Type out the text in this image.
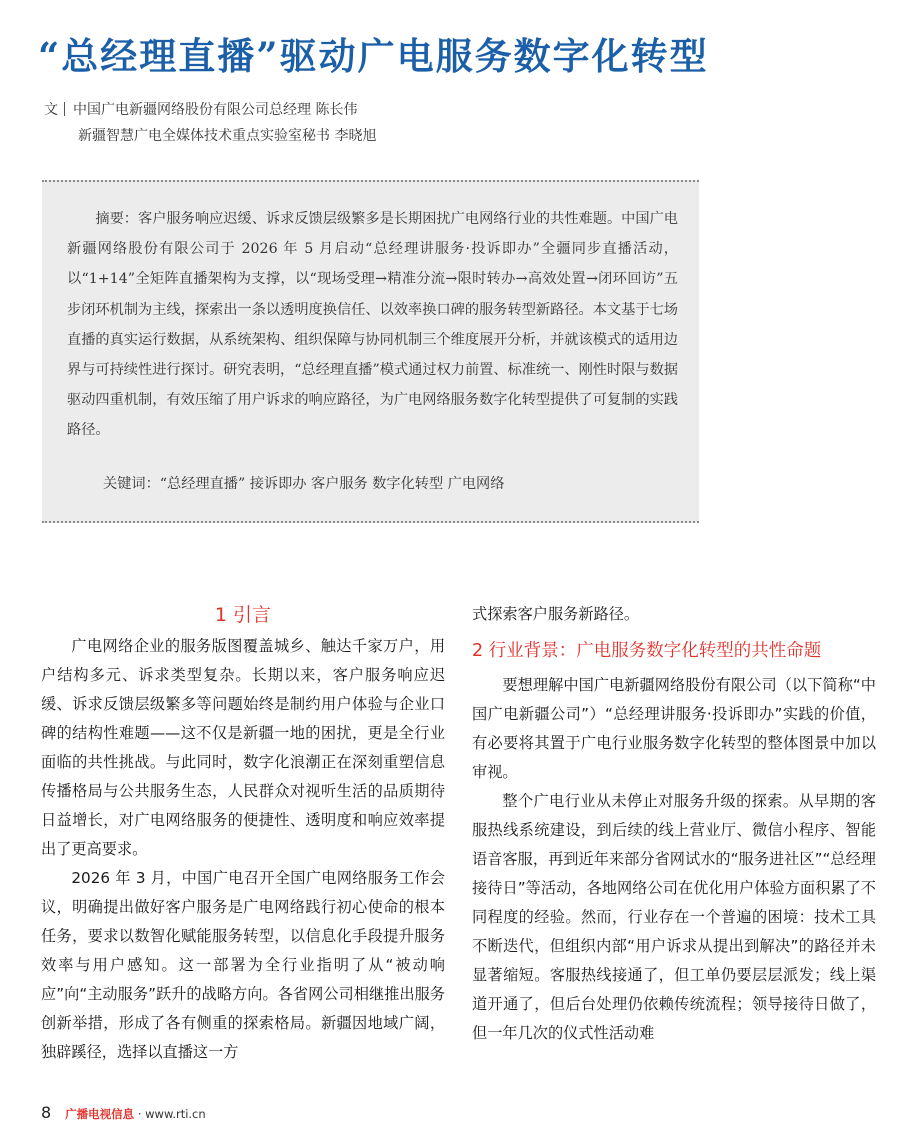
“总经理直播”驱动广电服务数字化转型
文 中国广电新疆网络股份有限公司总经理 陈长伟
新疆智慧广电全媒体技术重点实验室秘书 李晓旭

摘要：客户服务响应迟缓、诉求反馈层级繁多是长期困扰广电网络行业的共性难题。中国广电新疆网络股份有限公司于 2026 年 5 月启动“总经理讲服务·投诉即办”全疆同步直播活动，以“1+14”全矩阵直播架构为支撑，以“现场受理→精准分流→限时转办→高效处置→闭环回访”五步闭环机制为主线，探索出一条以透明度换信任、以效率换口碑的服务转型新路径。本文基于七场直播的真实运行数据，从系统架构、组织保障与协同机制三个维度展开分析，并就该模式的适用边界与可持续性进行探讨。研究表明，“总经理直播”模式通过权力前置、标准统一、刚性时限与数据驱动四重机制，有效压缩了用户诉求的响应路径，为广电网络服务数字化转型提供了可复制的实践路径。

关键词：“总经理直播” 接诉即办 客户服务 数字化转型 广电网络
1 引言

广电网络企业的服务版图覆盖城乡、触达千家万户，用户结构多元、诉求类型复杂。长期以来，客户服务响应迟缓、诉求反馈层级繁多等问题始终是制约用户体验与企业口碑的结构性难题——这不仅是新疆一地的困扰，更是全行业面临的共性挑战。与此同时，数字化浪潮正在深刻重塑信息传播格局与公共服务生态，人民群众对视听生活的品质期待日益增长，对广电网络服务的便捷性、透明度和响应效率提出了更高要求。

2026 年 3 月，中国广电召开全国广电网络服务工作会议，明确提出做好客户服务是广电网络践行初心使命的根本任务，要求以数智化赋能服务转型，以信息化手段提升服务效率与用户感知。这一部署为全行业指明了从“被动响应”向“主动服务”跃升的战略方向。各省网公司相继推出服务创新举措，形成了各有侧重的探索格局。新疆因地域广阔，独辟蹊径，选择以直播这一方

式探索客户服务新路径。

2 行业背景：广电服务数字化转型的共性命题

要想理解中国广电新疆网络股份有限公司（以下简称“中国广电新疆公司”）“总经理讲服务·投诉即办”实践的价值，有必要将其置于广电行业服务数字化转型的整体图景中加以审视。

整个广电行业从未停止对服务升级的探索。从早期的客服热线系统建设，到后续的线上营业厅、微信小程序、智能语音客服，再到近年来部分省网试水的“服务进社区”“总经理接待日”等活动，各地网络公司在优化用户体验方面积累了不同程度的经验。然而，行业存在一个普遍的困境：技术工具不断迭代，但组织内部“用户诉求从提出到解决”的路径并未显著缩短。客服热线接通了，但工单仍要层层派发；线上渠道开通了，但后台处理仍依赖传统流程；领导接待日做了，但一年几次的仪式性活动难

8 广播电视信息 · www.rti.cn
